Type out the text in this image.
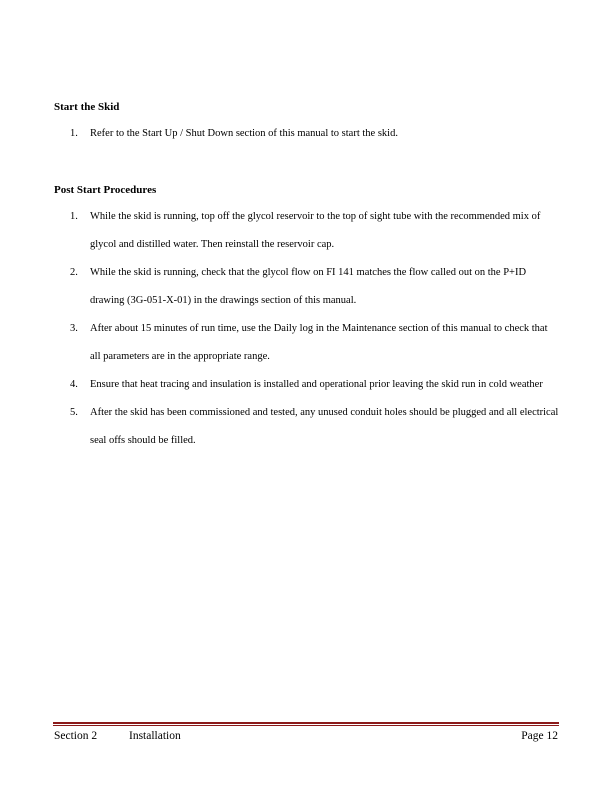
Start the Skid
1. Refer to the Start Up / Shut Down section of this manual to start the skid.
Post Start Procedures
1. While the skid is running, top off the glycol reservoir to the top of sight tube with the recommended mix of glycol and distilled water. Then reinstall the reservoir cap.
2. While the skid is running, check that the glycol flow on FI 141 matches the flow called out on the P+ID drawing (3G-051-X-01) in the drawings section of this manual.
3. After about 15 minutes of run time, use the Daily log in the Maintenance section of this manual to check that all parameters are in the appropriate range.
4. Ensure that heat tracing and insulation is installed and operational prior leaving the skid run in cold weather
5. After the skid has been commissioned and tested, any unused conduit holes should be plugged and all electrical seal offs should be filled.
Section 2	Installation	Page 12
